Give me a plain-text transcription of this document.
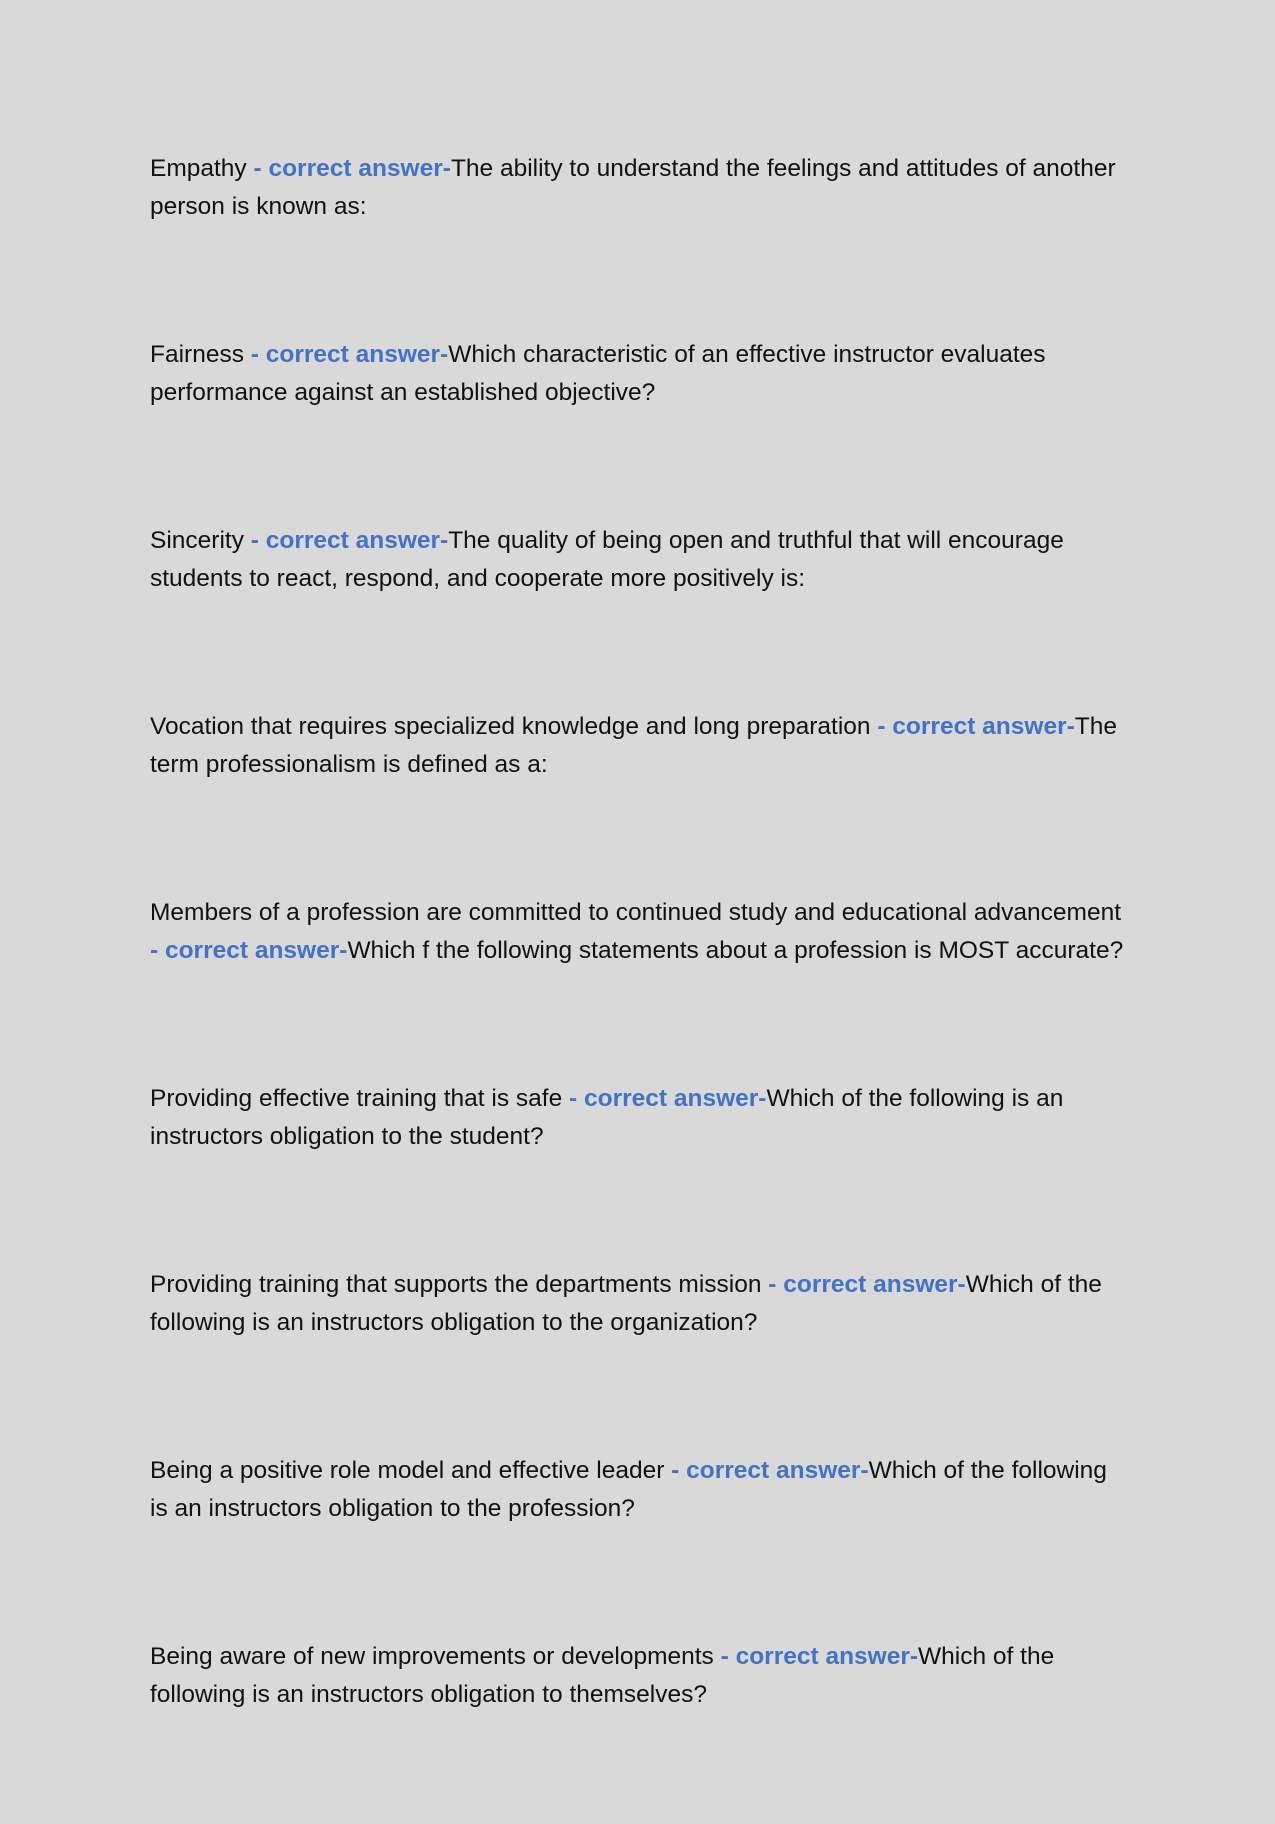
Empathy - correct answer-The ability to understand the feelings and attitudes of another person is known as:

Fairness - correct answer-Which characteristic of an effective instructor evaluates performance against an established objective?

Sincerity - correct answer-The quality of being open and truthful that will encourage students to react, respond, and cooperate more positively is:

Vocation that requires specialized knowledge and long preparation - correct answer-The term professionalism is defined as a:

Members of a profession are committed to continued study and educational advancement - correct answer-Which f the following statements about a profession is MOST accurate?

Providing effective training that is safe - correct answer-Which of the following is an instructors obligation to the student?

Providing training that supports the departments mission - correct answer-Which of the following is an instructors obligation to the organization?

Being a positive role model and effective leader - correct answer-Which of the following is an instructors obligation to the profession?

Being aware of new improvements or developments - correct answer-Which of the following is an instructors obligation to themselves?
